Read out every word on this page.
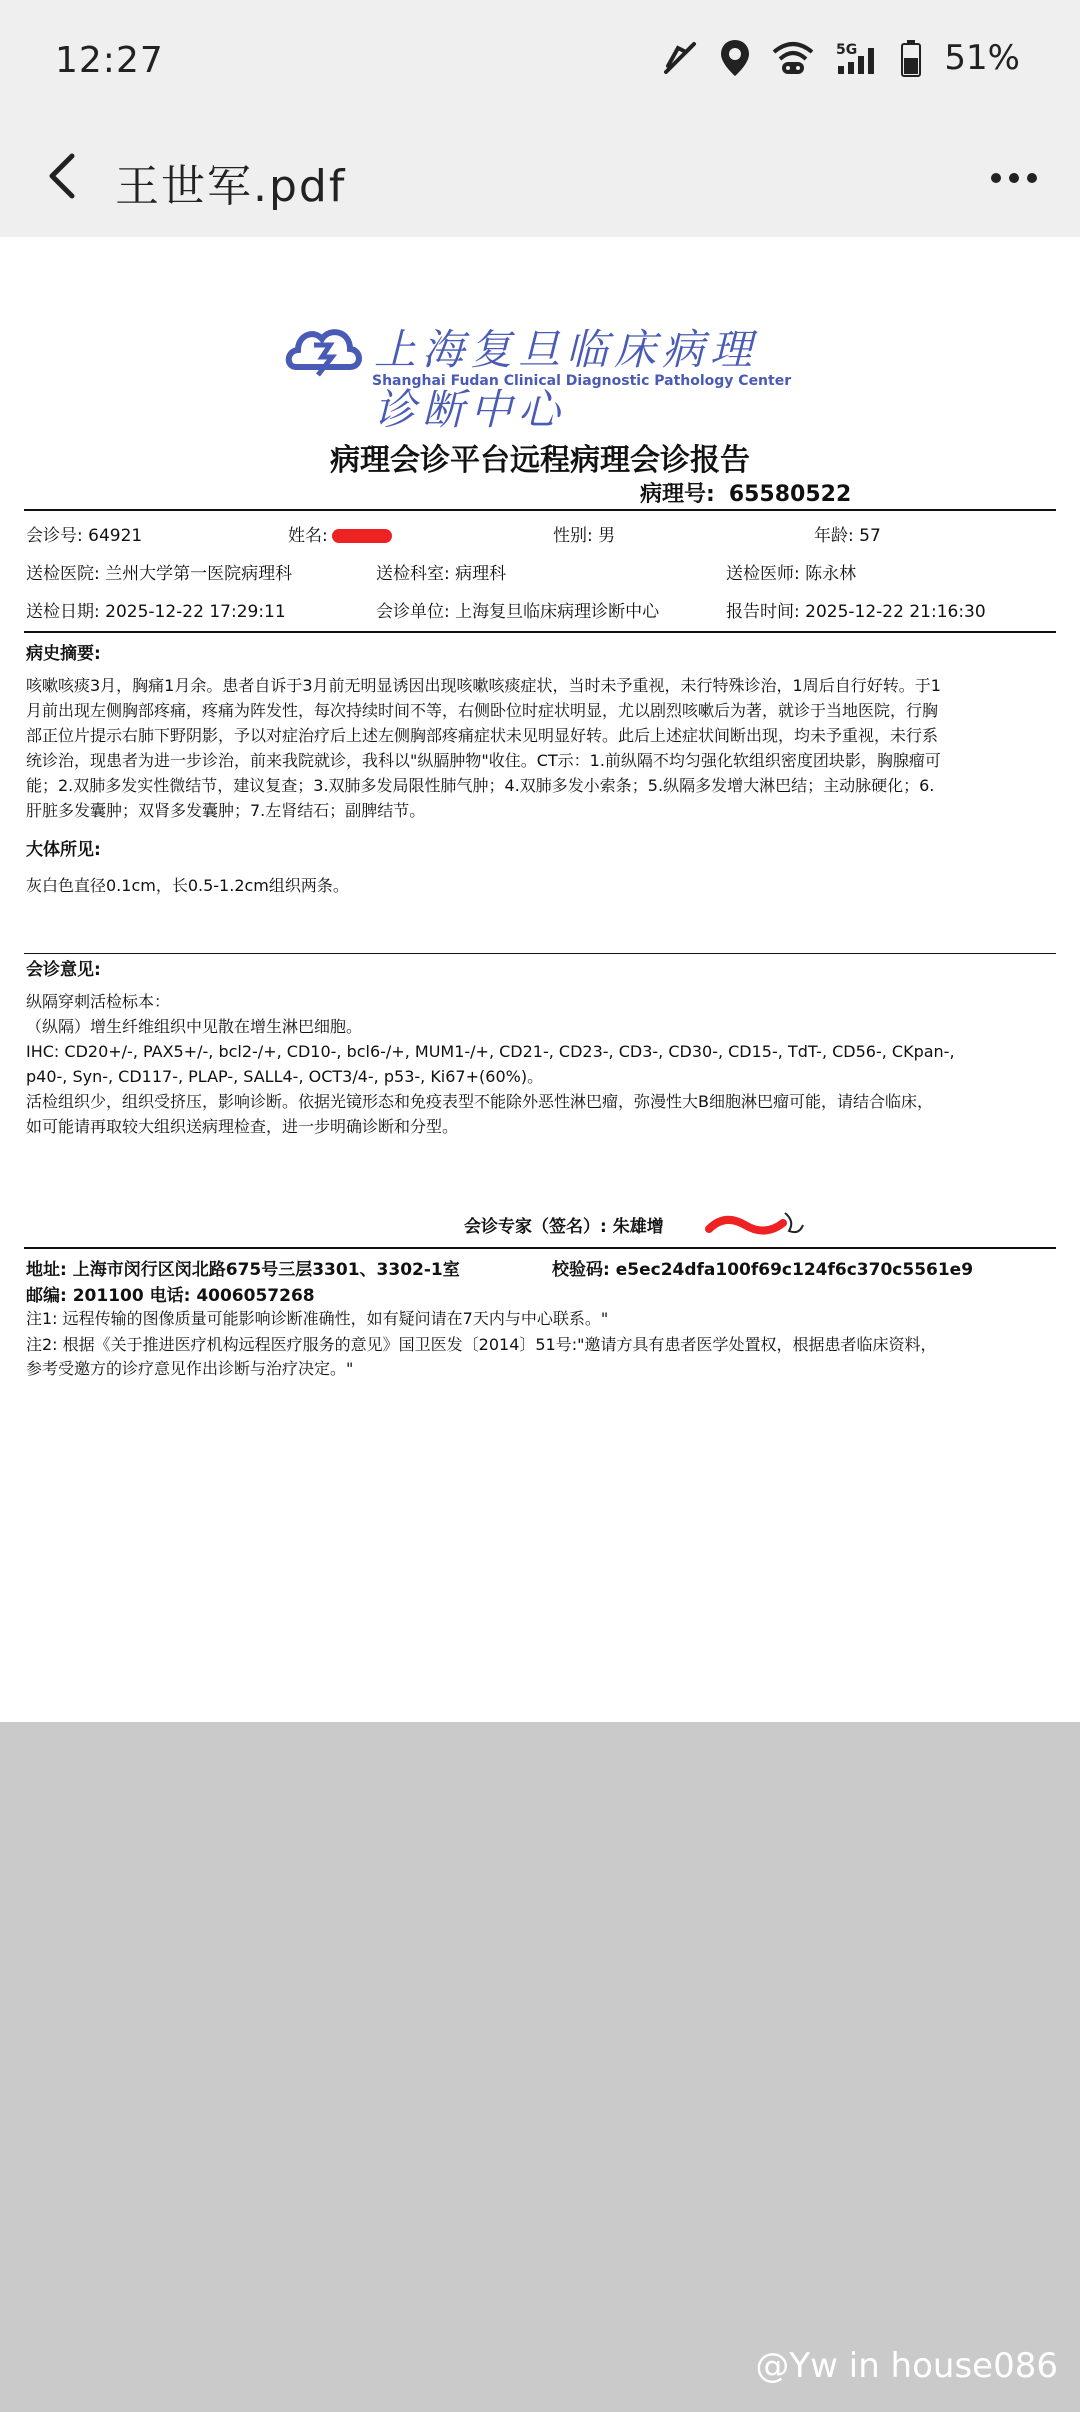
12:27	5G	51%
王世军.pdf
上海复旦临床病理诊断中心
Shanghai Fudan Clinical Diagnostic Pathology Center
病理会诊平台远程病理会诊报告
病理号: 65580522
会诊号: 64921	姓名:	性别: 男	年龄: 57
送检医院: 兰州大学第一医院病理科	送检科室: 病理科	送检医师: 陈永林
送检日期: 2025-12-22 17:29:11	会诊单位: 上海复旦临床病理诊断中心	报告时间: 2025-12-22 21:16:30
病史摘要:
咳嗽咳痰3月，胸痛1月余。患者自诉于3月前无明显诱因出现咳嗽咳痰症状，当时未予重视，未行特殊诊治，1周后自行好转。于1
月前出现左侧胸部疼痛，疼痛为阵发性，每次持续时间不等，右侧卧位时症状明显，尤以剧烈咳嗽后为著，就诊于当地医院，行胸
部正位片提示右肺下野阴影，予以对症治疗后上述左侧胸部疼痛症状未见明显好转。此后上述症状间断出现，均未予重视，未行系
统诊治，现患者为进一步诊治，前来我院就诊，我科以"纵膈肿物"收住。CT示：1.前纵隔不均匀强化软组织密度团块影，胸腺瘤可
能；2.双肺多发实性微结节，建议复查；3.双肺多发局限性肺气肿；4.双肺多发小索条；5.纵隔多发增大淋巴结；主动脉硬化；6.
肝脏多发囊肿；双肾多发囊肿；7.左肾结石；副脾结节。
大体所见:
灰白色直径0.1cm，长0.5-1.2cm组织两条。
会诊意见:
纵隔穿刺活检标本：
（纵隔）增生纤维组织中见散在增生淋巴细胞。
IHC: CD20+/-, PAX5+/-, bcl2-/+, CD10-, bcl6-/+, MUM1-/+, CD21-, CD23-, CD3-, CD30-, CD15-, TdT-, CD56-, CKpan-,
p40-, Syn-, CD117-, PLAP-, SALL4-, OCT3/4-, p53-, Ki67+(60%)。
活检组织少，组织受挤压，影响诊断。依据光镜形态和免疫表型不能除外恶性淋巴瘤，弥漫性大B细胞淋巴瘤可能，请结合临床，
如可能请再取较大组织送病理检查，进一步明确诊断和分型。
会诊专家（签名）: 朱雄增
地址: 上海市闵行区闵北路675号三层3301、3302-1室	校验码: e5ec24dfa100f69c124f6c370c5561e9
邮编: 201100 电话: 4006057268
注1: 远程传输的图像质量可能影响诊断准确性，如有疑问请在7天内与中心联系。"
注2: 根据《关于推进医疗机构远程医疗服务的意见》国卫医发〔2014〕51号:"邀请方具有患者医学处置权，根据患者临床资料，
参考受邀方的诊疗意见作出诊断与治疗决定。"
@Yw in house086
